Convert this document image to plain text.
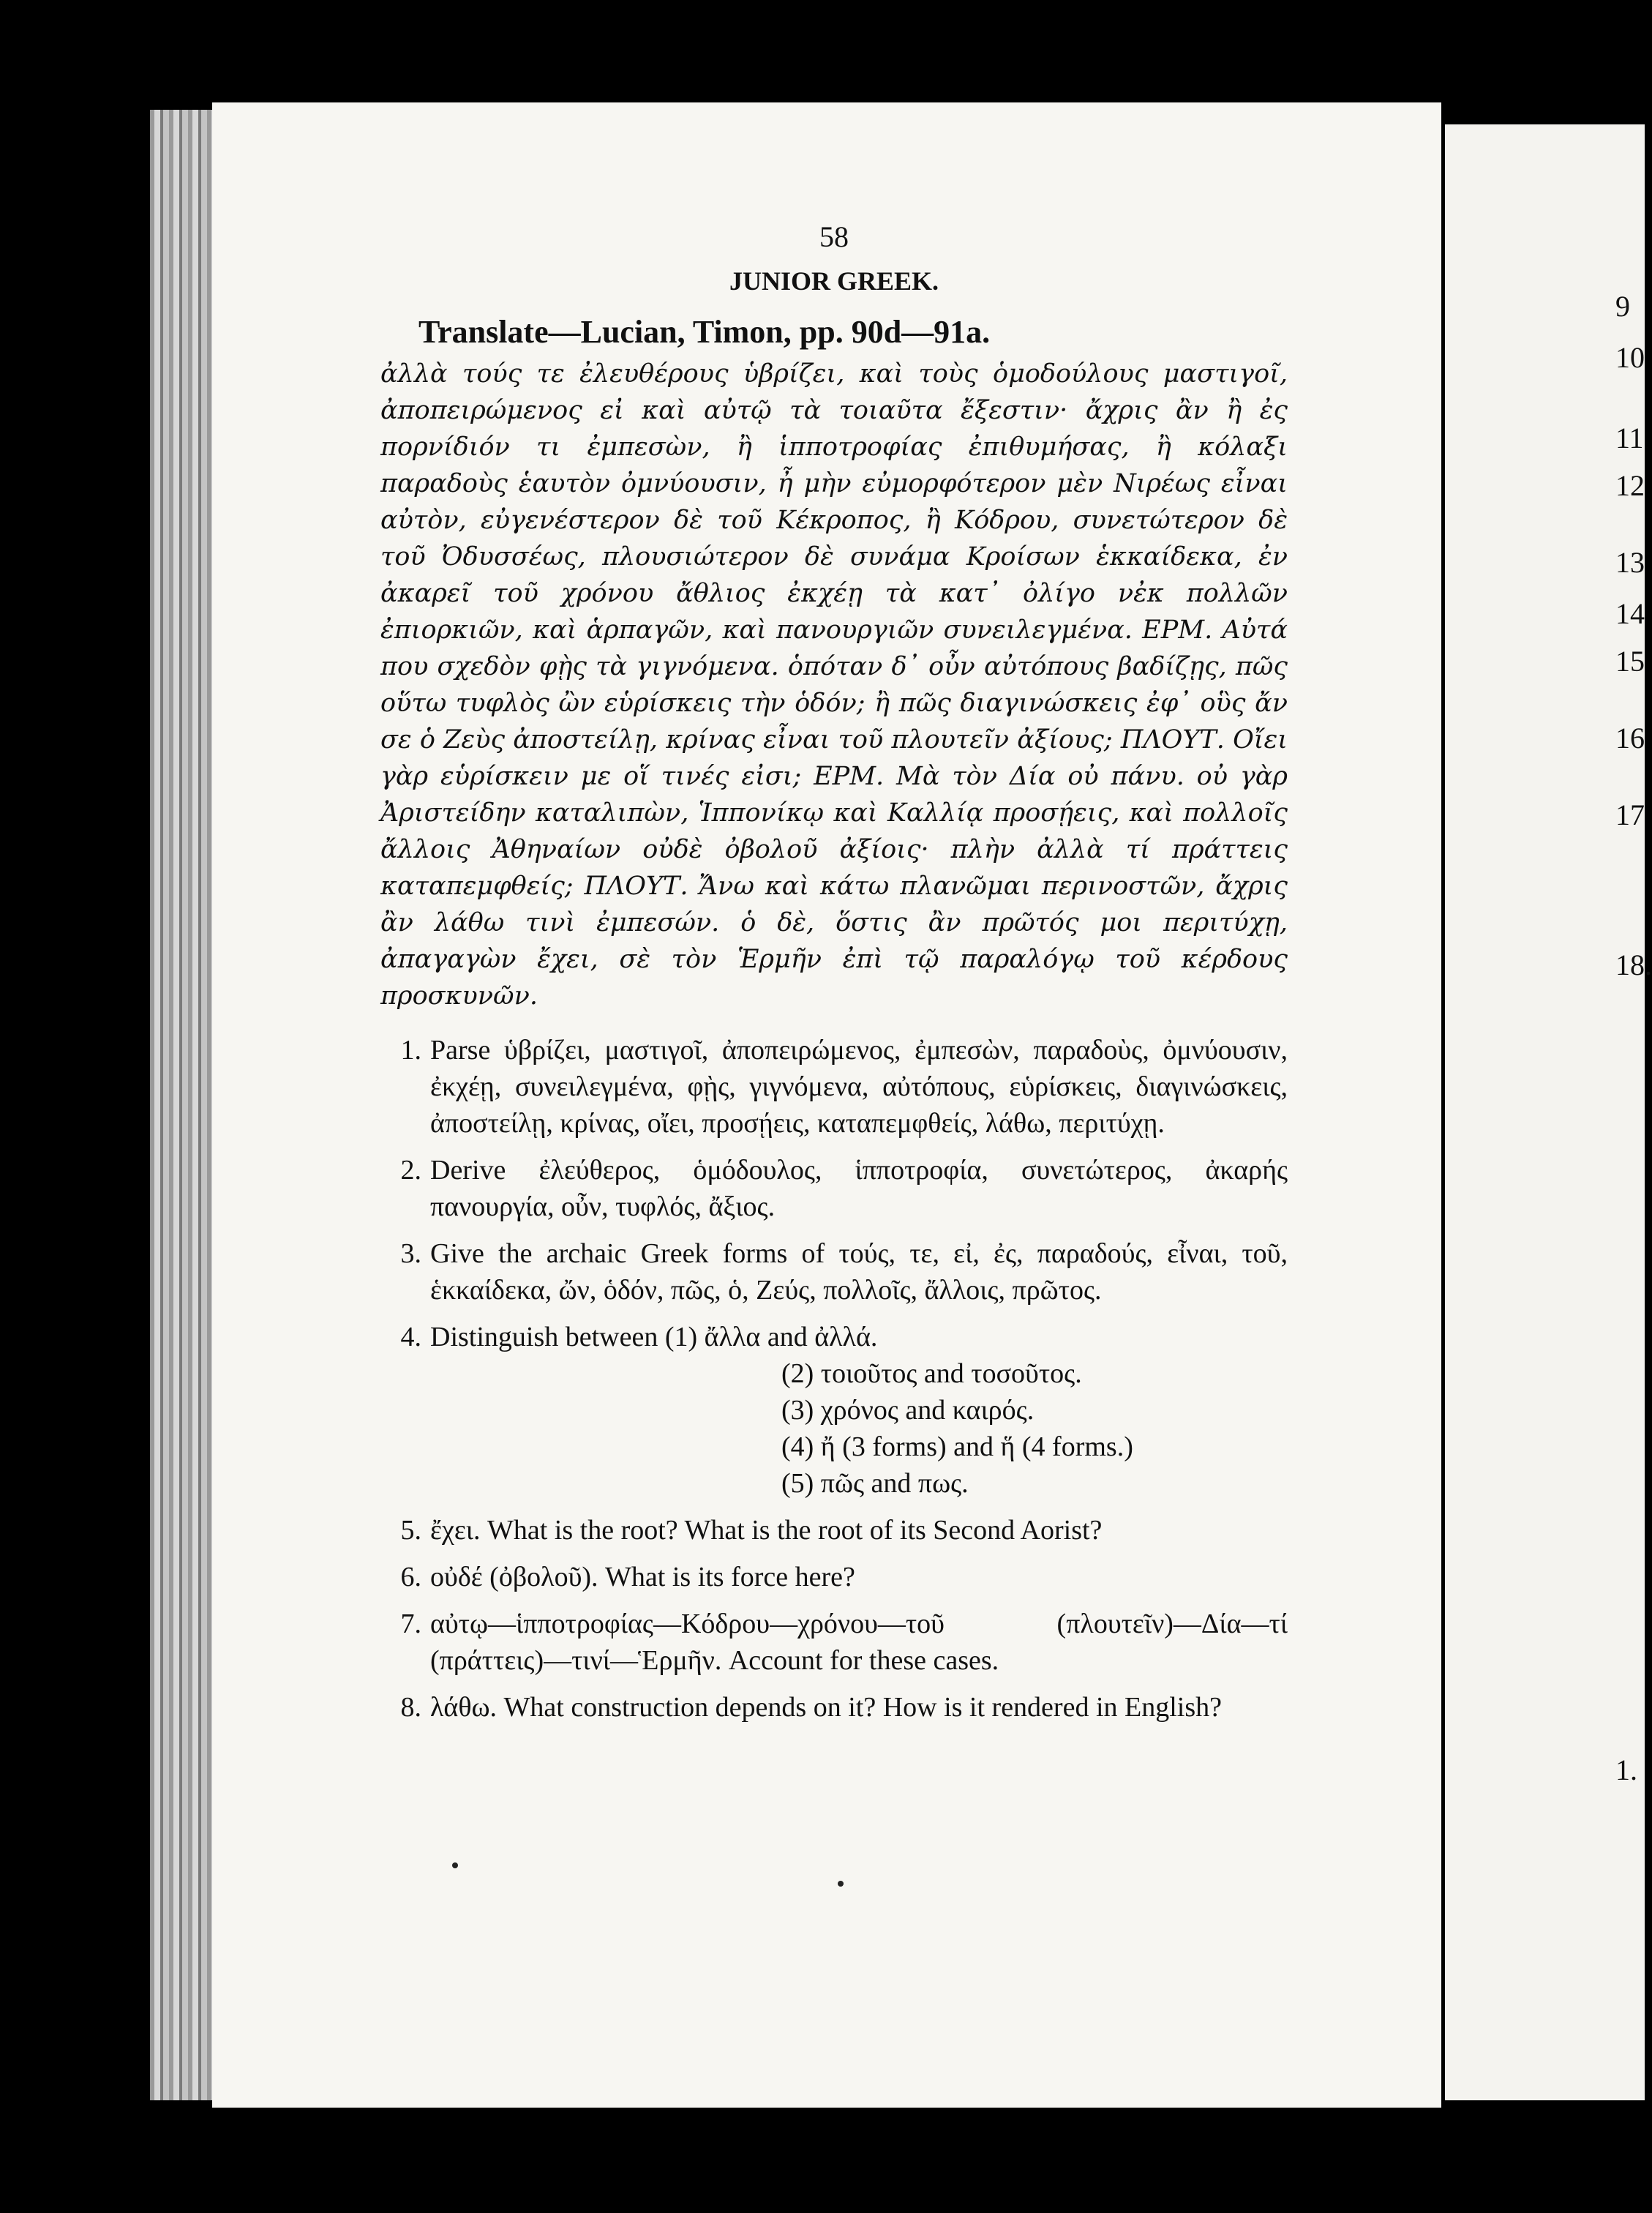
9
10
11
12
13
14
15
16
17
18.
1.

58

JUNIOR GREEK.
Translate—Lucian, Timon, pp. 90d—91a.

ἀλλὰ τούς τε ἐλευθέρους ὑβρίζει, καὶ τοὺς ὁμοδούλους μαστιγοῖ, ἀποπειρώμενος εἰ καὶ αὐτῷ τὰ τοιαῦτα ἔξεστιν· ἄχρις ἂν ἢ ἐς πορνίδιόν τι ἐμπεσὼν, ἢ ἱπποτροφίας ἐπιθυμήσας, ἢ κόλαξι παραδοὺς ἑαυτὸν ὀμνύουσιν, ἦ μὴν εὐμορφότερον μὲν Νιρέως εἶναι αὐτὸν, εὐγενέστερον δὲ τοῦ Κέκροπος, ἢ Κόδρου, συνετώτερον δὲ τοῦ Ὀδυσσέως, πλουσιώτερον δὲ συνάμα Κροίσων ἑκκαίδεκα, ἐν ἀκαρεῖ τοῦ χρόνου ἄθλιος ἐκχέῃ τὰ κατ᾽ ὀλίγο νἐκ πολλῶν ἐπιορκιῶν, καὶ ἁρπαγῶν, καὶ πανουργιῶν συνειλεγμένα. ΕΡΜ. Αὐτά που σχεδὸν φῂς τὰ γιγνόμενα. ὁπόταν δ᾽ οὖν αὐτόπους βαδίζῃς, πῶς οὕτω τυφλὸς ὢν εὑρίσκεις τὴν ὁδόν; ἢ πῶς διαγινώσκεις ἐφ᾽ οὓς ἄν σε ὁ Ζεὺς ἀποστείλῃ, κρίνας εἶναι τοῦ πλουτεῖν ἀξίους; ΠΛΟΥΤ. Οἴει γὰρ εὑρίσκειν με οἵ τινές εἰσι; ΕΡΜ. Μὰ τὸν Δία οὐ πάνυ. οὐ γὰρ Ἀριστείδην καταλιπὼν, Ἱππονίκῳ καὶ Καλλίᾳ προσῄεις, καὶ πολλοῖς ἄλλοις Ἀθηναίων οὐδὲ ὀβολοῦ ἀξίοις· πλὴν ἀλλὰ τί πράττεις καταπεμφθείς; ΠΛΟΥΤ. Ἄνω καὶ κάτω πλανῶμαι περινοστῶν, ἄχρις ἂν λάθω τινὶ ἐμπεσών. ὁ δὲ, ὅστις ἂν πρῶτός μοι περιτύχῃ, ἀπαγαγὼν ἔχει, σὲ τὸν Ἑρμῆν ἐπὶ τῷ παραλόγῳ τοῦ κέρδους προσκυνῶν.

1. Parse ὑβρίζει, μαστιγοῖ, ἀποπειρώμενος, ἐμπεσὼν, παραδοὺς, ὀμνύουσιν, ἐκχέῃ, συνειλεγμένα, φῂς, γιγνόμενα, αὐτόπους, εὑρίσκεις, διαγινώσκεις, ἀποστείλῃ, κρίνας, οἴει, προσῄεις, καταπεμφθείς, λάθω, περιτύχῃ.
2. Derive ἐλεύθερος, ὁμόδουλος, ἱπποτροφία, συνετώτερος, ἀκαρής πανουργία, οὖν, τυφλός, ἄξιος.
3. Give the archaic Greek forms of τούς, τε, εἰ, ἐς, παραδούς, εἶναι, τοῦ, ἑκκαίδεκα, ὤν, ὁδόν, πῶς, ὁ, Ζεύς, πολλοῖς, ἄλλοις, πρῶτος.
4. Distinguish between (1) ἄλλα and ἀλλά.
(2) τοιοῦτος and τοσοῦτος.
(3) χρόνος and καιρός.
(4) ἤ (3 forms) and ἥ (4 forms.)
(5) πῶς and πως.
5. ἔχει. What is the root? What is the root of its Second Aorist?
6. οὐδέ (ὀβολοῦ). What is its force here?
7. αὐτῳ—ἱπποτροφίας—Κόδρου—χρόνου—τοῦ (πλουτεῖν)—Δία—τί (πράττεις)—τινί—Ἑρμῆν. Account for these cases.
8. λάθω. What construction depends on it? How is it rendered in English?
